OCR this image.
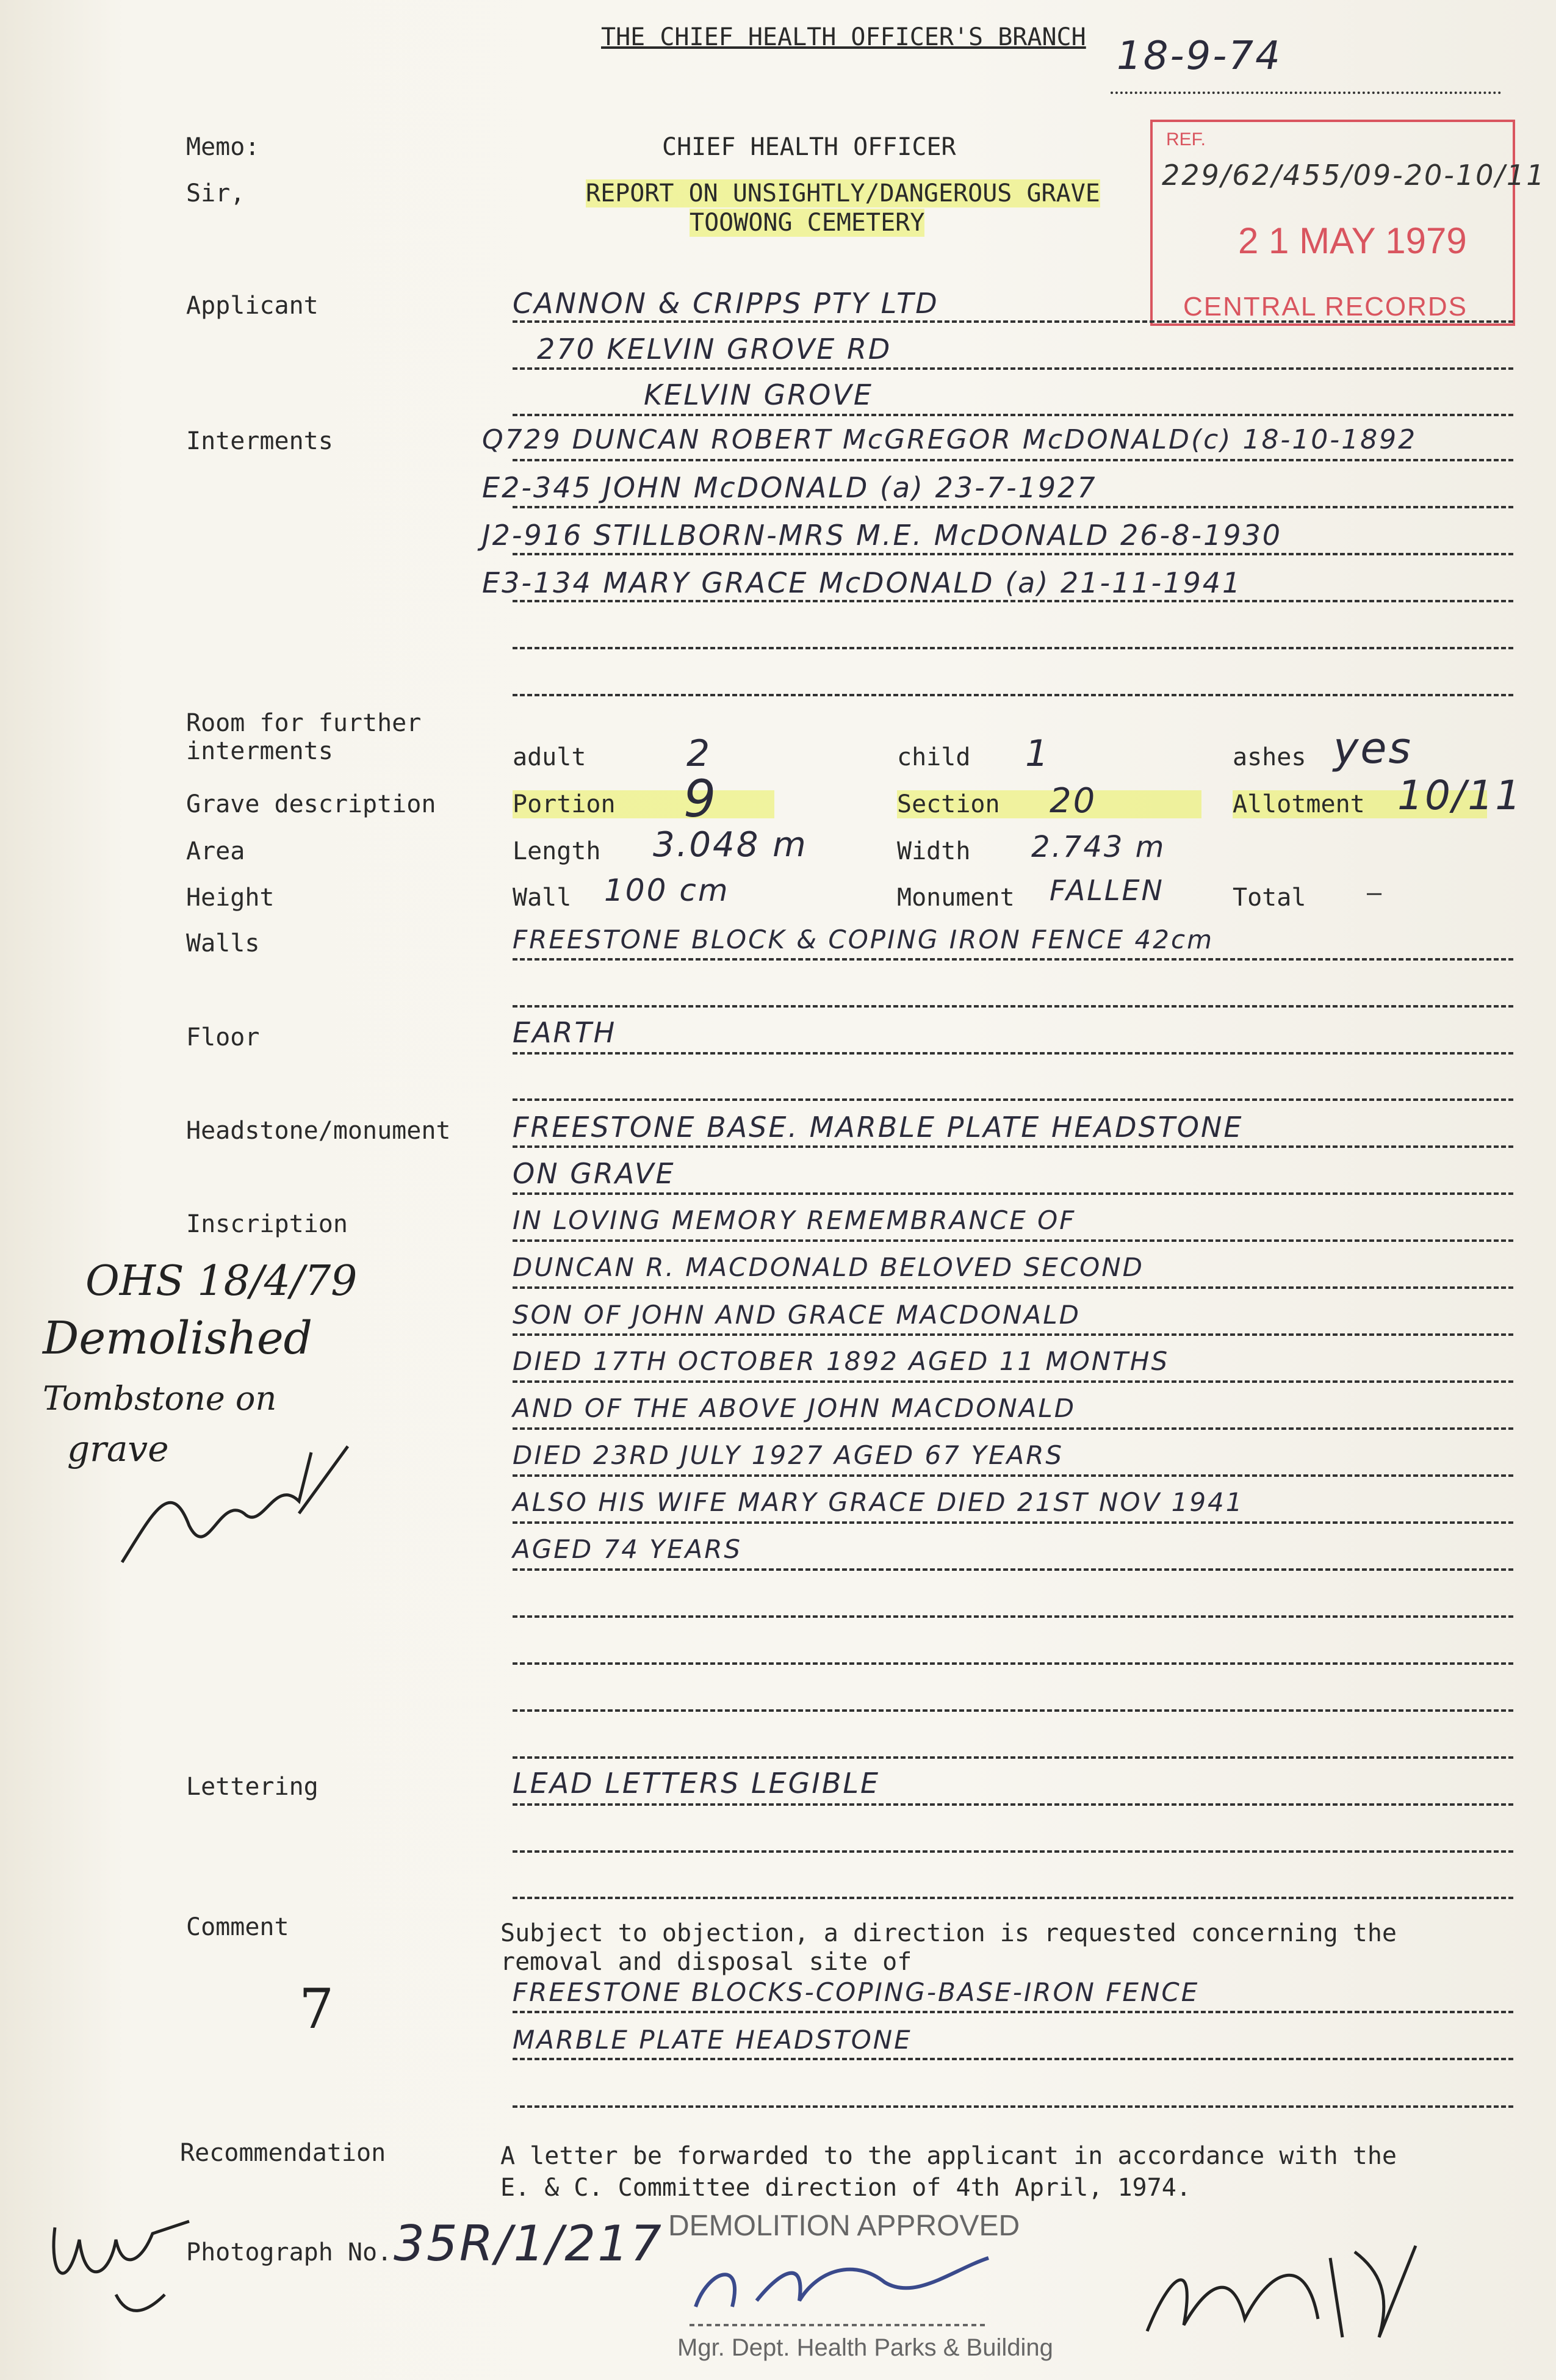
THE CHIEF HEALTH OFFICER'S BRANCH 18-9-74
Memo:
Sir,
CHIEF HEALTH OFFICER
REPORT ON UNSIGHTLY/DANGEROUS GRAVE
TOOWONG CEMETERY
REF.
229/62/455/09-20-10/11
2 1 MAY 1979
CENTRAL RECORDS
Applicant	CANNON & CRIPPS PTY LTD
270 KELVIN GROVE RD
KELVIN GROVE
Interments	Q729 DUNCAN ROBERT McGREGOR McDONALD(c) 18-10-1892
E2-345 JOHN McDONALD (a) 23-7-1927
J2-916 STILLBORN-MRS M.E. McDONALD 26-8-1930
E3-134 MARY GRACE McDONALD (a) 21-11-1941
Room for further
interments	adult	2	child 1	ashes yes
Grave description	Portion	9	Section	20	Allotment 10/11
Area	Length 3.048 m	Width 2.743 m
Height	Wall 100 cm	Monument FALLEN	Total —
Walls	FREESTONE BLOCK & COPING IRON FENCE 42cm
Floor	EARTH
Headstone/monument FREESTONE BASE. MARBLE PLATE HEADSTONE
ON GRAVE
Inscription	IN LOVING MEMORY REMEMBRANCE OF
DUNCAN R. MACDONALD BELOVED SECOND
SON OF JOHN AND GRACE MACDONALD
DIED 17TH OCTOBER 1892 AGED 11 MONTHS
AND OF THE ABOVE JOHN MACDONALD
DIED 23RD JULY 1927 AGED 67 YEARS
ALSO HIS WIFE MARY GRACE DIED 21ST NOV 1941
AGED 74 YEARS
OHS 18/4/79
Demolished
Tombstone on
grave
Lettering	LEAD LETTERS LEGIBLE
Comment
7
Subject to objection, a direction is requested concerning the
removal and disposal site of
FREESTONE BLOCKS-COPING-BASE-IRON FENCE
MARBLE PLATE HEADSTONE
Recommendation	A letter be forwarded to the applicant in accordance with the
E. & C. Committee direction of 4th April, 1974.
Photograph No. 35R/1/217 DEMOLITION APPROVED
Mgr. Dept. Health Parks & Building
